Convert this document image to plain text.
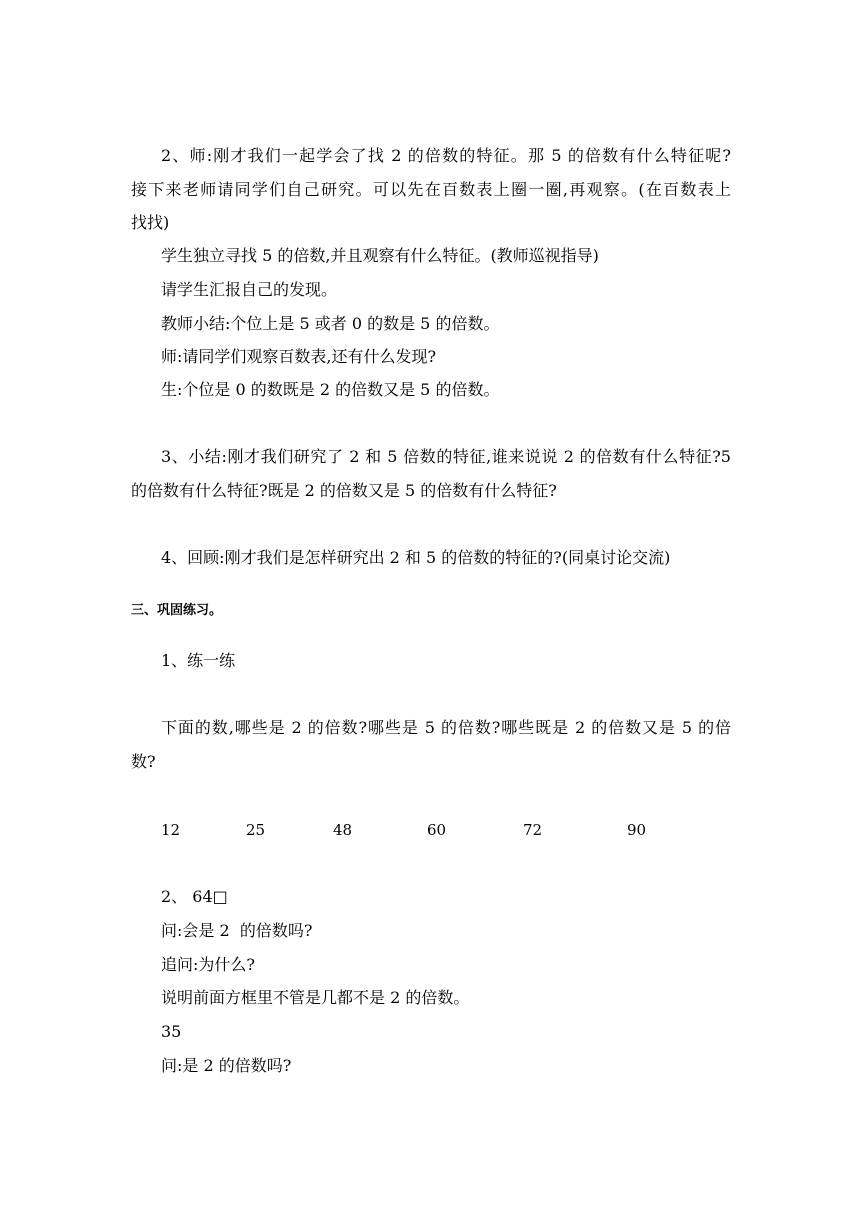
2、师:刚才我们一起学会了找 2 的倍数的特征。那 5 的倍数有什么特征呢?
接下来老师请同学们自己研究。可以先在百数表上圈一圈,再观察。(在百数表上
找找)
学生独立寻找 5 的倍数,并且观察有什么特征。(教师巡视指导)
请学生汇报自己的发现。
教师小结:个位上是 5 或者 0 的数是 5 的倍数。
师:请同学们观察百数表,还有什么发现?
生:个位是 0 的数既是 2 的倍数又是 5 的倍数。
3、小结:刚才我们研究了 2 和 5 倍数的特征,谁来说说 2 的倍数有什么特征?5
的倍数有什么特征?既是 2 的倍数又是 5 的倍数有什么特征?
4、回顾:刚才我们是怎样研究出 2 和 5 的倍数的特征的?(同桌讨论交流)
三、巩固练习。
1、练一练
下面的数,哪些是 2 的倍数?哪些是 5 的倍数?哪些既是 2 的倍数又是 5 的倍
数?
12	25	48	60	72	90
2、 64□
问:会是 2  的倍数吗?
追问:为什么?
说明前面方框里不管是几都不是 2 的倍数。
35
问:是 2 的倍数吗?
